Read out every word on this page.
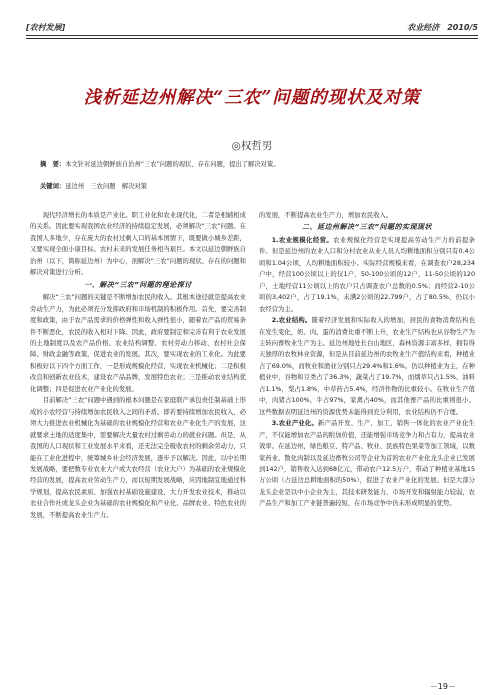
[农村发展]	农业经济　2010/5
浅析延边州解决“三农”问题的现状及对策
◎权哲男
摘　要：本文针对延边朝鲜族自治州“三农”问题的现状、存在问题，提出了解决对策。
关键词：延边州　三农问题　解决对策

现代经济增长的本质是产业化。职工业化和农业现代化，二者是相辅相成的关系。因此要实现我国农业经济的持续稳定发展，必须解决“三农”问题。在我国人多地少，存在庞大的农村过剩人口的基本国情下，既要做小城乡差距，又要实现全面小康目标。农村未来的发展任务相当艰巨。本文以延边朝鲜族自治州（以下，简称延边州）为中心，剖解决“三农”问题的现状、存在的问题和解决对策进行分析。

一、解决“三农”问题的理论探讨

解决“三农”问题的关键是不断增加农民的收入。其根本途径就是提高农业劳动生产力，为此必须充分发挥政府和市场机制的积极作用。首先，要完善制度和政策，由于农产品需求的价格弹性和收入弹性很小，随着农产品的贸易条件不断恶化，农民的收入相对下降。因此，政府要制定和完善有利于农业发展的土地制度以及农产品价格、农业结构调整、农村劳动力移动、农村社会保障、财政金融等政策，促进农业的发展。其次，要实现农业的工业化。为此要积极好以下四个方面工作，一是形成规模化经营，实现农业机械化；二是积极改良和创新农业技术，建设农产品品牌，发展特色农业；三是推动农业结构优化调整；四是促进农业产业化的发展。

目前解决“三农”问题中遇到的根本问题是在家庭联产承包责任制基础上形成的小农经营与持续增加农民收入之间的矛盾。即若要持续增加农民收入，必须大力推进农业机械化为基础的农业规模化经营和农业产业化生产的发展，这就要求土地的适度集中，需要解决大量农村过剩劳动力的就业问题。但是，从我国的人口现状和工业发展水平来看，还无法完全吸收农村的剩余劳动力，只能在工业化进程中，统筹城乡社会经济发展，逐步予以解决。因此，以中长期发展战略，要把数专业农业大户或大农经营（农业大户）为基础的农业规模化经营的发展，提高农业劳动生产力，而以短期发展战略，应因地制宜地通过科学规划，提高农民素质、加强农村基础设施建设、大力开发农业技术，推动以农业合作社或龙头企业为基础的农业规模化和产业化、品牌农业、特色农业的发展，不断提高农业生产力。

的发展，不断提高农业生产力，增加农民收入。

二、延边州解决“三农”问题的实现现状

1.农业规模化经营。农业规模化经营是实现提高劳动生产力的前提条件。但是延边州的农业人口和分村农业从业人员人均耕地面积分别只有0.4公顷和1.04公顷，人均耕地面积较小。实际经营规模来看，在调查农户28,234户中，经营100公顷以上的仅1户，50-100公顷的12户，11-50公顷的120户，土地经营11公顷以上的农户只占调查农户总数的0.5%；而经营2-10公顷的3,402户，占了19.1%，未满2公顷的22,799户，占了80.5%，仍以小农经营为主。

2.农业结构。随着经济发展和实际收入的增加，居民的食物消费结构也在发生变化，奶、肉、蛋的消费比重不断上升，农业生产结构也从谷物生产为主转向畜牧业生产为主。延边州地处长白山地区，森林资源丰富多样，拥有得天独厚的农牧林业资源，但是从目前延边州的农牧业生产值结构来看，种植业占了69.0%，而牧业和渔业分别只占29.4%和1.6%。仍以种植业为主，在种植业中，谷物和豆类占了36.3%，蔬菜占了19.7%，而烟草只占1.5%、油料占1.1%，梨占1.8%，中草药占5.4%，经济作物的比重较小。在牧业生产值中，肉猪占100%，牛占97%，家禽占40%，而其他畜产品的比重则很小。这些数据表明延边州的资源优势未能得到充分利用，农业结构仍不合理。

3.农业产业化。新产品开发、生产、加工、销售一体化的农业产业化生产，不仅能增加农产品的附加价值，还能增强市场竞争力和占有力，提高农业效率。在延边州，绿色粮豆、特产品、牧业、民族特色果菜等加工领域，以数家药业、散化肉制以及延边畜牧公司等企业为首的农业产业化龙头企业已发展到142户，销售收入达到68亿元，带动农户12.5万户，带动了种植业基地15万公顷（占延边总耕地面积的50%），促进了农业产业化的发展。但是大部分龙头企业是以中小企业为主，其技术研发能力、市场开发和辐射能力较弱，农产品生产和加工产业链普遍较短，在市场竞争中仍未形成明显的优势。

－19－
